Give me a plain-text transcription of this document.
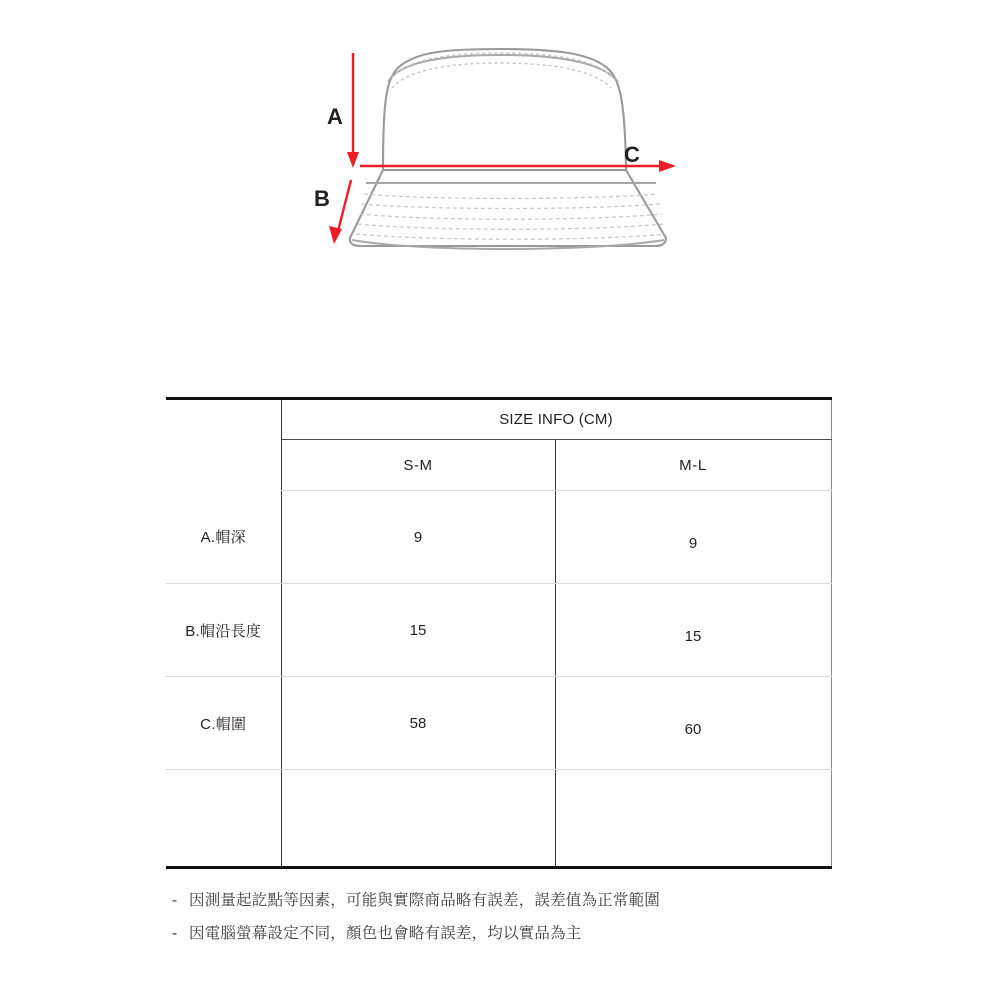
A
B
C
	SIZE INFO (CM)	
	S-M	M-L
A.帽深	9	9
B.帽沿長度	15	15
C.帽圍	58	60

- 因測量起訖點等因素，可能與實際商品略有誤差，誤差值為正常範圍
- 因電腦螢幕設定不同，顏色也會略有誤差，均以實品為主
